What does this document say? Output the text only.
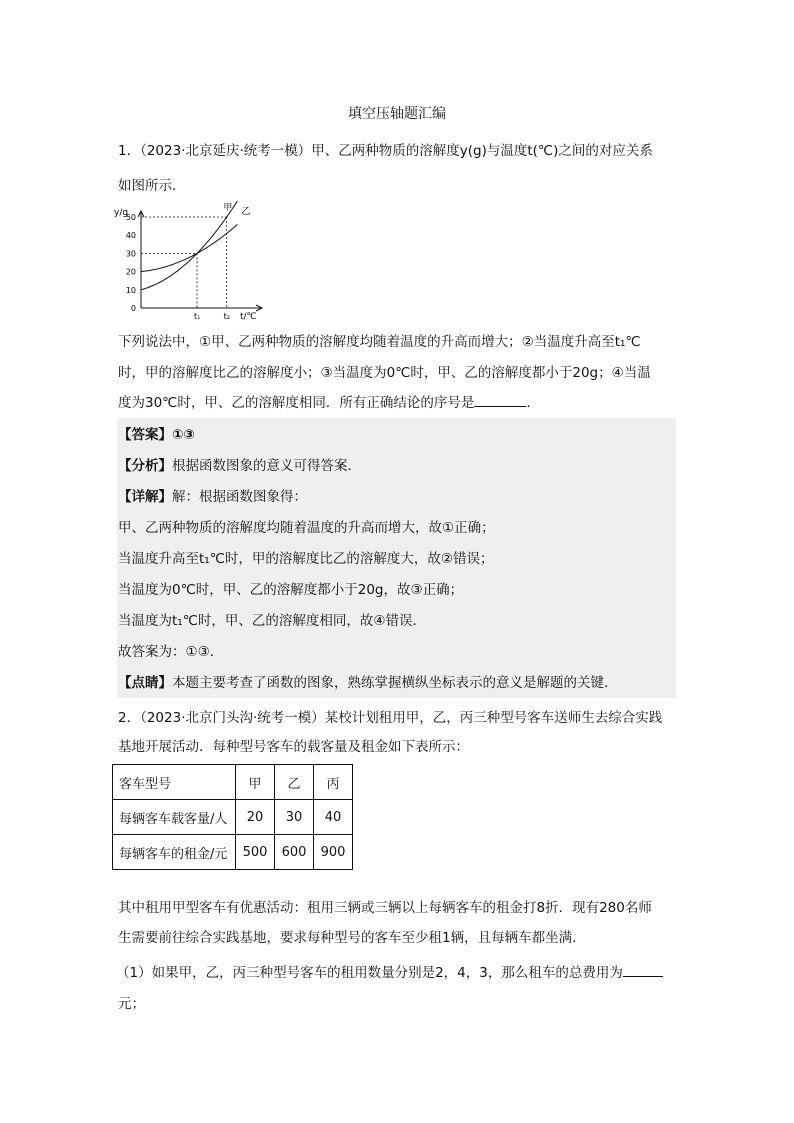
填空压轴题汇编
1．（2023·北京延庆·统考一模）甲、乙两种物质的溶解度y(g)与温度t(℃)之间的对应关系
如图所示．
y/g
t/℃
50
40
30
20
10
0
t₁	t₂
甲 乙
下列说法中，①甲、乙两种物质的溶解度均随着温度的升高而增大；②当温度升高至t₁℃
时，甲的溶解度比乙的溶解度小；③当温度为0℃时，甲、乙的溶解度都小于20g；④当温
度为30℃时，甲、乙的溶解度相同．所有正确结论的序号是	．
【答案】①③
【分析】根据函数图象的意义可得答案．
【详解】解：根据函数图象得：
甲、乙两种物质的溶解度均随着温度的升高而增大，故①正确；
当温度升高至t₁℃时，甲的溶解度比乙的溶解度大，故②错误；
当温度为0℃时，甲、乙的溶解度都小于20g，故③正确；
当温度为t₁℃时，甲、乙的溶解度相同，故④错误．
故答案为：①③.
【点睛】本题主要考查了函数的图象，熟练掌握横纵坐标表示的意义是解题的关键．
2．（2023·北京门头沟·统考一模）某校计划租用甲，乙，丙三种型号客车送师生去综合实践
基地开展活动．每种型号客车的载客量及租金如下表所示：
客车型号	甲	乙	丙
每辆客车载客量/人	20	30	40
每辆客车的租金/元	500	600	900
其中租用甲型客车有优惠活动：租用三辆或三辆以上每辆客车的租金打8折．现有280名师
生需要前往综合实践基地，要求每种型号的客车至少租1辆，且每辆车都坐满．
（1）如果甲，乙，丙三种型号客车的租用数量分别是2，4，3，那么租车的总费用为
元；
